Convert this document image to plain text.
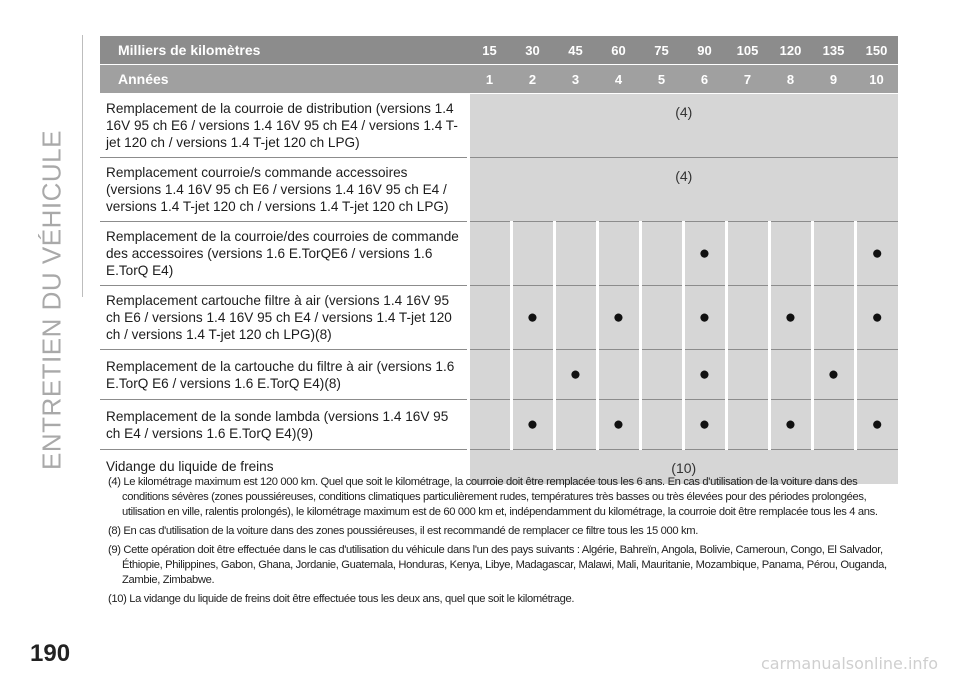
ENTRETIEN DU VÉHICULE
Milliers de kilomètres	15	30	45	60	75	90	105	120	135	150
Années	1	2	3	4	5	6	7	8	9	10
Remplacement de la courroie de distribution (versions 1.4 16V 95 ch E6 / versions 1.4 16V 95 ch E4 / versions 1.4 T-jet 120 ch / versions 1.4 T-jet 120 ch LPG)	(4)									
Remplacement courroie/s commande accessoires (versions 1.4 16V 95 ch E6 / versions 1.4 16V 95 ch E4 / versions 1.4 T-jet 120 ch / versions 1.4 T-jet 120 ch LPG)	(4)									
Remplacement de la courroie/des courroies de commande des accessoires (versions 1.6 E.TorQE6 / versions 1.6 E.TorQ E4)						●				●
Remplacement cartouche filtre à air (versions 1.4 16V 95 ch E6 / versions 1.4 16V 95 ch E4 / versions 1.4 T-jet 120 ch / versions 1.4 T-jet 120 ch LPG)(8)		●		●		●		●		●
Remplacement de la cartouche du filtre à air (versions 1.6 E.TorQ E6 / versions 1.6 E.TorQ E4)(8)			●			●			●	
Remplacement de la sonde lambda (versions 1.4 16V 95 ch E4 / versions 1.6 E.TorQ E4)(9)		●		●		●		●		●
Vidange du liquide de freins	(10)									

(4) Le kilométrage maximum est 120 000 km. Quel que soit le kilométrage, la courroie doit être remplacée tous les 6 ans. En cas d'utilisation de la voiture dans des conditions sévères (zones poussiéreuses, conditions climatiques particulièrement rudes, températures très basses ou très élevées pour des périodes prolongées, utilisation en ville, ralentis prolongés), le kilométrage maximum est de 60 000 km et, indépendamment du kilométrage, la courroie doit être remplacée tous les 4 ans.

(8) En cas d'utilisation de la voiture dans des zones poussiéreuses, il est recommandé de remplacer ce filtre tous les 15 000 km.

(9) Cette opération doit être effectuée dans le cas d'utilisation du véhicule dans l'un des pays suivants : Algérie, Bahreïn, Angola, Bolivie, Cameroun, Congo, El Salvador, Éthiopie, Philippines, Gabon, Ghana, Jordanie, Guatemala, Honduras, Kenya, Libye, Madagascar, Malawi, Mali, Mauritanie, Mozambique, Panama, Pérou, Ouganda, Zambie, Zimbabwe.

(10) La vidange du liquide de freins doit être effectuée tous les deux ans, quel que soit le kilométrage.

190	carmanualsonline.info
